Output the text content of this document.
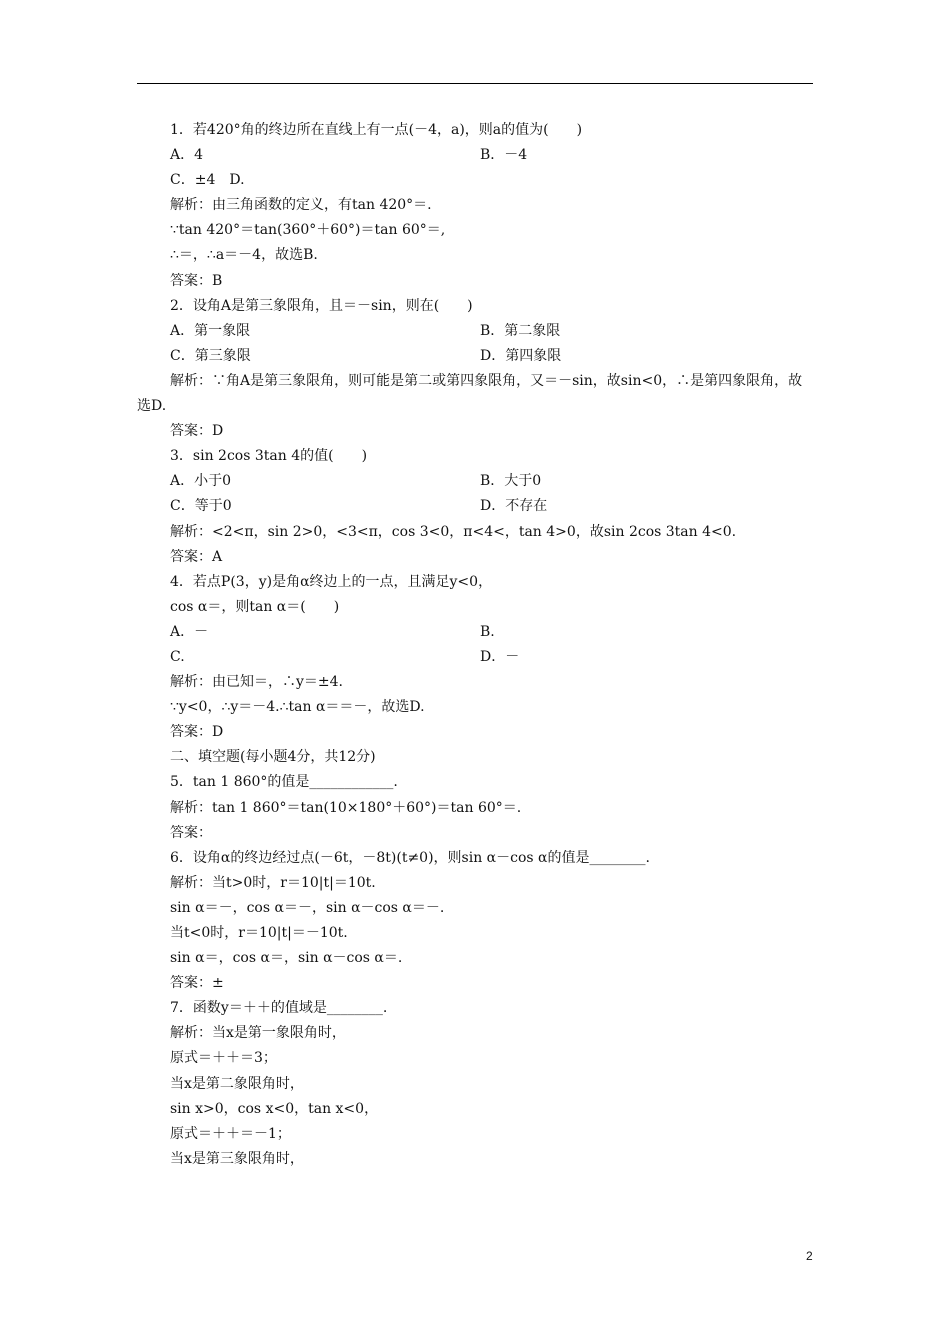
1．若420°角的终边所在直线上有一点(－4，a)，则a的值为(　　)
A．4	B．－4
C．±4　D.
解析：由三角函数的定义，有tan 420°＝.
∵tan 420°＝tan(360°＋60°)＝tan 60°＝,
∴＝，∴a＝－4，故选B.
答案：B
2．设角A是第三象限角，且＝－sin，则在(　　)
A．第一象限	B．第二象限
C．第三象限	D．第四象限
解析：∵角A是第三象限角，则可能是第二或第四象限角，又＝－sin，故sin<0，∴是第四象限角，故选D.
答案：D
3．sin 2cos 3tan 4的值(　　)
A．小于0	B．大于0
C．等于0	D．不存在
解析：<2<π，sin 2>0，<3<π，cos 3<0，π<4<，tan 4>0，故sin 2cos 3tan 4<0.
答案：A
4．若点P(3，y)是角α终边上的一点，且满足y<0，
cos α＝，则tan α＝(　　)
A．－	B.
C.	D．－
解析：由已知＝，∴y＝±4.
∵y<0，∴y＝－4.∴tan α＝＝－，故选D.
答案：D
二、填空题(每小题4分，共12分)
5．tan 1 860°的值是____________.
解析：tan 1 860°＝tan(10×180°＋60°)＝tan 60°＝.
答案：
6．设角α的终边经过点(－6t，－8t)(t≠0)，则sin α－cos α的值是________.
解析：当t>0时，r＝10|t|＝10t.
sin α＝－，cos α＝－，sin α－cos α＝－.
当t<0时，r＝10|t|＝－10t.
sin α＝，cos α＝，sin α－cos α＝.
答案：±
7．函数y＝＋＋的值域是________.
解析：当x是第一象限角时，
原式＝＋＋＝3；
当x是第二象限角时，
sin x>0，cos x<0，tan x<0，
原式＝＋＋＝－1；
当x是第三象限角时，
2
